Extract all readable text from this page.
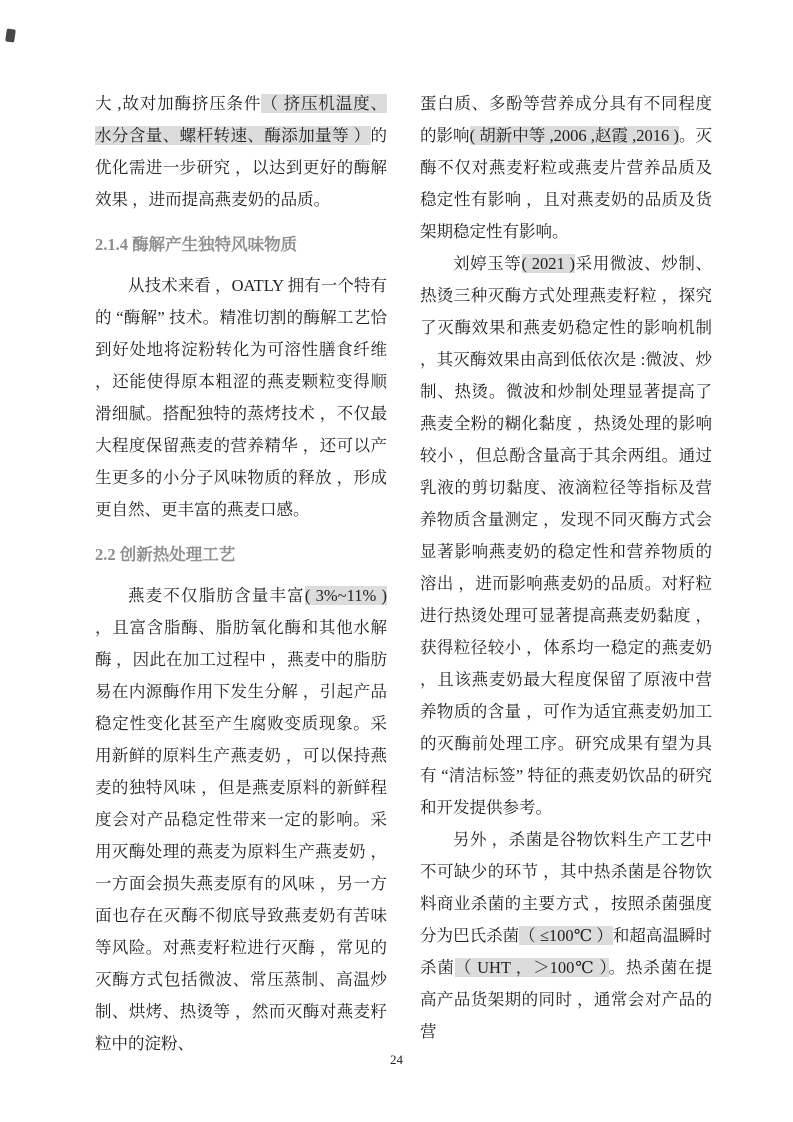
大 ,故对加酶挤压条件（ 挤压机温度、水分含量、螺杆转速、酶添加量等 ）的优化需进一步研究 ，以达到更好的酶解效果 ，进而提高燕麦奶的品质。

2.1.4 酶解产生独特风味物质

从技术来看 ，OATLY 拥有一个特有的 “酶解” 技术。精准切割的酶解工艺恰到好处地将淀粉转化为可溶性膳食纤维 ，还能使得原本粗涩的燕麦颗粒变得顺滑细腻。搭配独特的蒸烤技术 ，不仅最大程度保留燕麦的营养精华 ，还可以产生更多的小分子风味物质的释放 ，形成更自然、更丰富的燕麦口感。

2.2 创新热处理工艺

燕麦不仅脂肪含量丰富( 3%~11% ) ，且富含脂酶、脂肪氧化酶和其他水解酶 ，因此在加工过程中 ，燕麦中的脂肪易在内源酶作用下发生分解 ，引起产品稳定性变化甚至产生腐败变质现象。采用新鲜的原料生产燕麦奶 ，可以保持燕麦的独特风味 ，但是燕麦原料的新鲜程度会对产品稳定性带来一定的影响。采用灭酶处理的燕麦为原料生产燕麦奶 ，一方面会损失燕麦原有的风味 ，另一方面也存在灭酶不彻底导致燕麦奶有苦味等风险。对燕麦籽粒进行灭酶 ，常见的灭酶方式包括微波、常压蒸制、高温炒制、烘烤、热烫等 ，然而灭酶对燕麦籽粒中的淀粉、

蛋白质、多酚等营养成分具有不同程度的影响( 胡新中等 ,2006 ,赵霞 ,2016 )。灭酶不仅对燕麦籽粒或燕麦片营养品质及稳定性有影响 ，且对燕麦奶的品质及货架期稳定性有影响。

刘婷玉等( 2021 )采用微波、炒制、热烫三种灭酶方式处理燕麦籽粒 ，探究了灭酶效果和燕麦奶稳定性的影响机制 ，其灭酶效果由高到低依次是 :微波、炒制、热烫。微波和炒制处理显著提高了燕麦全粉的糊化黏度 ，热烫处理的影响较小 ，但总酚含量高于其余两组。通过乳液的剪切黏度、液滴粒径等指标及营养物质含量测定 ，发现不同灭酶方式会显著影响燕麦奶的稳定性和营养物质的溶出 ，进而影响燕麦奶的品质。对籽粒进行热烫处理可显著提高燕麦奶黏度 ，获得粒径较小 ，体系均一稳定的燕麦奶 ，且该燕麦奶最大程度保留了原液中营养物质的含量 ，可作为适宜燕麦奶加工的灭酶前处理工序。研究成果有望为具有 “清洁标签” 特征的燕麦奶饮品的研究和开发提供参考。

另外 ，杀菌是谷物饮料生产工艺中不可缺少的环节 ，其中热杀菌是谷物饮料商业杀菌的主要方式 ，按照杀菌强度分为巴氏杀菌（ ≤100℃ ）和超高温瞬时杀菌（ UHT ，＞100℃ ）。热杀菌在提高产品货架期的同时 ，通常会对产品的营

24
